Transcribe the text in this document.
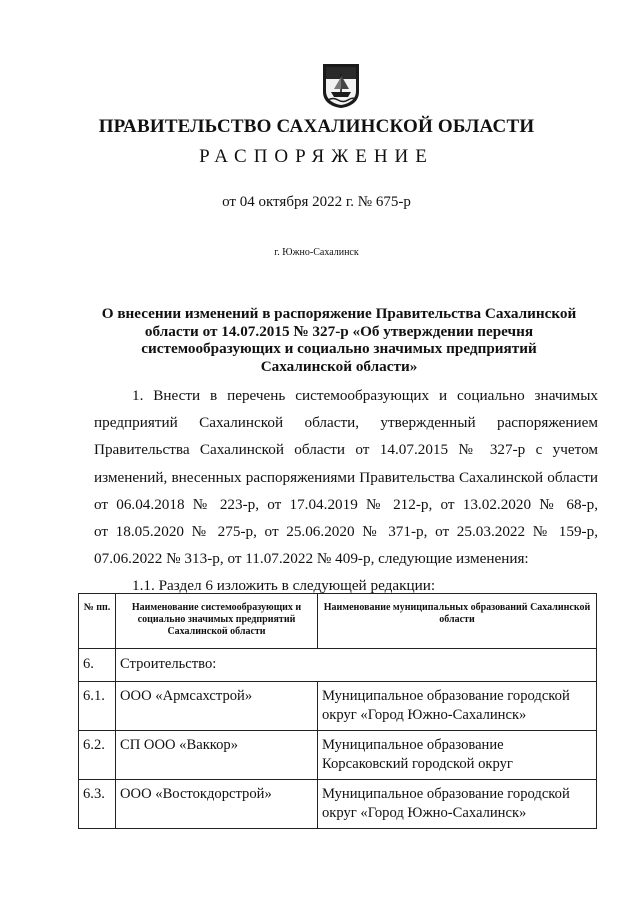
ПРАВИТЕЛЬСТВО САХАЛИНСКОЙ ОБЛАСТИ
РАСПОРЯЖЕНИЕ
от 04 октября 2022 г. № 675-р
г. Южно-Сахалинск
О внесении изменений в распоряжение Правительства Сахалинской
области от 14.07.2015 № 327-р «Об утверждении перечня
системообразующих и социально значимых предприятий
Сахалинской области»

1. Внести в перечень системообразующих и социально значимых

предприятий Сахалинской области, утвержденный распоряжением

Правительства Сахалинской области от 14.07.2015 № 327-р с учетом

изменений, внесенных распоряжениями Правительства Сахалинской области

от 06.04.2018 № 223-р, от 17.04.2019 № 212-р, от 13.02.2020 № 68-р,

от 18.05.2020 № 275-р, от 25.06.2020 № 371-р, от 25.03.2022 № 159-р,

07.06.2022 № 313-р, от 11.07.2022 № 409-р, следующие изменения:

1.1. Раздел 6 изложить в следующей редакции:

№ пп.	Наименование системообразующих и социально значимых предприятий Сахалинской области	Наименование муниципальных образований Сахалинской области
6.	Строительство:	
6.1.	ООО «Армсахстрой»	Муниципальное образование городской округ «Город Южно-Сахалинск»
6.2.	СП ООО «Ваккор»	Муниципальное образование Корсаковский городской округ
6.3.	ООО «Востокдорстрой»	Муниципальное образование городской округ «Город Южно-Сахалинск»
